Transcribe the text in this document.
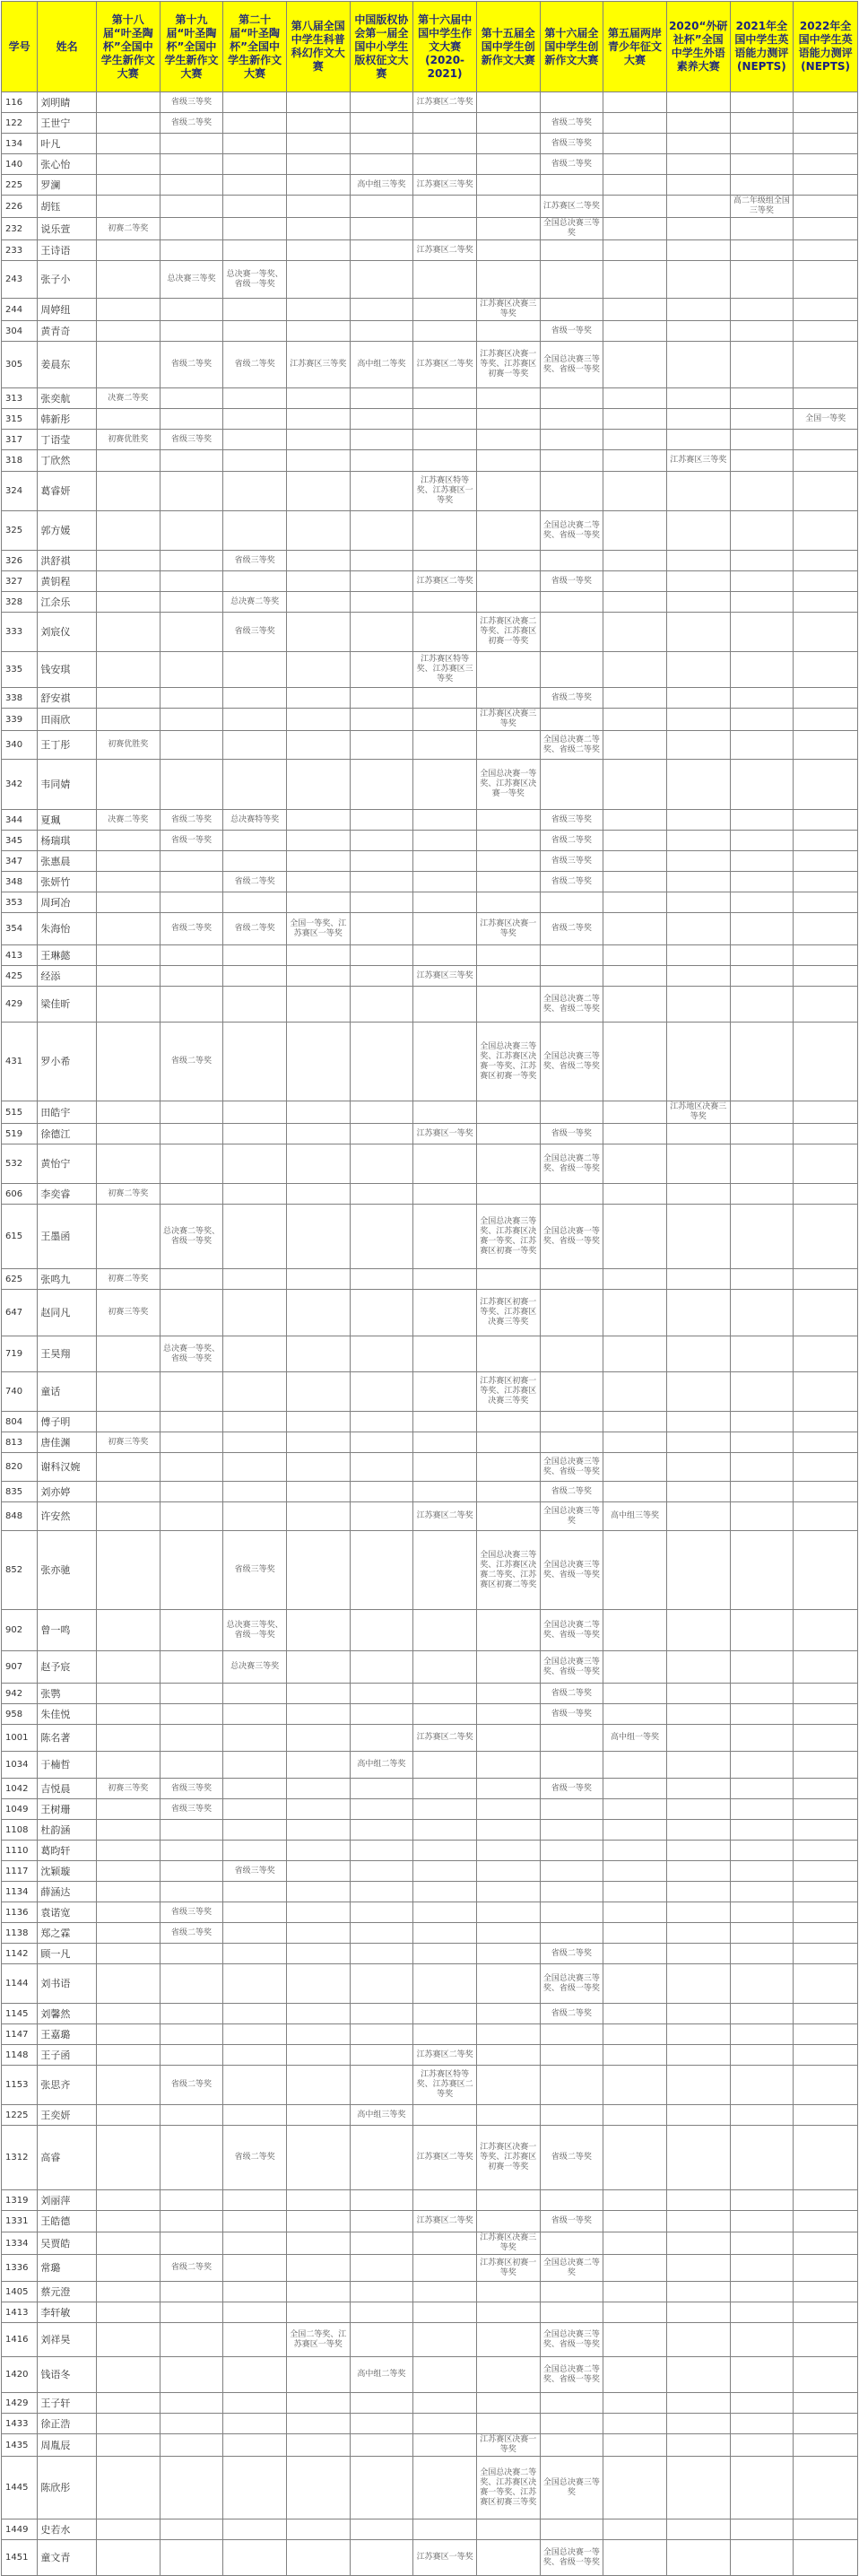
学号	姓名	第十八届“叶圣陶杯”全国中学生新作文大赛	第十九届“叶圣陶杯”全国中学生新作文大赛	第二十届“叶圣陶杯”全国中学生新作文大赛	第八届全国中学生科普科幻作文大赛	中国版权协会第一届全国中小学生版权征文大赛	第十六届中国中学生作文大赛(2020-2021)	第十五届全国中学生创新作文大赛	第十六届全国中学生创新作文大赛	第五届两岸青少年征文大赛	2020“外研社杯”全国中学生外语素养大赛	2021年全国中学生英语能力测评(NEPTS)	2022年全国中学生英语能力测评(NEPTS)
116	刘明睛		省级三等奖				江苏赛区二等奖						
122	王世宁		省级二等奖						省级二等奖				
134	叶凡								省级三等奖				
140	张心怡								省级二等奖				
225	罗澜					高中组三等奖	江苏赛区三等奖						
226	胡钰								江苏赛区二等奖			高二年级组全国三等奖	
232	说乐萱	初赛二等奖							全国总决赛三等奖				
233	王诗语						江苏赛区二等奖						
243	张子小		总决赛三等奖	总决赛一等奖、省级一等奖									
244	周婷纽							江苏赛区决赛三等奖					
304	黄青奇								省级一等奖				
305	姜晨东		省级二等奖	省级二等奖	江苏赛区三等奖	高中组二等奖	江苏赛区二等奖	江苏赛区决赛一等奖、江苏赛区初赛一等奖	全国总决赛三等奖、省级一等奖				
313	张奕航	决赛二等奖											
315	韩新彤												全国一等奖
317	丁语莹	初赛优胜奖	省级三等奖										
318	丁欣然										江苏赛区三等奖		
324	葛睿妍						江苏赛区特等奖、江苏赛区一等奖						
325	郭方媛								全国总决赛二等奖、省级一等奖				
326	洪舒祺			省级三等奖									
327	黄钥程						江苏赛区二等奖		省级一等奖				
328	江余乐			总决赛二等奖									
333	刘宸仪			省级三等奖				江苏赛区决赛二等奖、江苏赛区初赛一等奖					
335	钱安琪						江苏赛区特等奖、江苏赛区三等奖						
338	舒安祺								省级二等奖				
339	田雨欣							江苏赛区决赛三等奖					
340	王丁彤	初赛优胜奖							全国总决赛二等奖、省级二等奖				
342	韦同婧							全国总决赛一等奖、江苏赛区决赛一等奖					
344	夏珮	决赛二等奖	省级二等奖	总决赛特等奖					省级三等奖				
345	杨瑞琪		省级一等奖						省级二等奖				
347	张惠晨								省级三等奖				
348	张妍竹			省级二等奖					省级二等奖				
353	周珂冶												
354	朱海怡		省级二等奖	省级二等奖	全国一等奖、江苏赛区一等奖			江苏赛区决赛一等奖	省级二等奖				
413	王琳懿												
425	经添						江苏赛区三等奖						
429	梁佳昕								全国总决赛二等奖、省级二等奖				
431	罗小希		省级二等奖					全国总决赛三等奖、江苏赛区决赛一等奖、江苏赛区初赛一等奖	全国总决赛三等奖、省级二等奖				
515	田皓宇										江苏地区决赛三等奖		
519	徐德江						江苏赛区一等奖		省级一等奖				
532	黄怡宁								全国总决赛二等奖、省级一等奖				
606	李奕睿	初赛二等奖											
615	王墨函		总决赛二等奖、省级一等奖					全国总决赛三等奖、江苏赛区决赛一等奖、江苏赛区初赛一等奖	全国总决赛一等奖、省级一等奖				
625	张鸣九	初赛二等奖											
647	赵同凡	初赛三等奖						江苏赛区初赛一等奖、江苏赛区决赛三等奖					
719	王昊翔		总决赛一等奖、省级一等奖										
740	童话							江苏赛区初赛一等奖、江苏赛区决赛三等奖					
804	傅子明												
813	唐佳渊	初赛三等奖											
820	谢科汉婉								全国总决赛三等奖、省级一等奖				
835	刘亦婷								省级二等奖				
848	许安然						江苏赛区二等奖		全国总决赛三等奖	高中组三等奖			
852	张亦驰			省级三等奖				全国总决赛三等奖、江苏赛区决赛二等奖、江苏赛区初赛二等奖	全国总决赛三等奖、省级一等奖				
902	曾一鸣			总决赛三等奖、省级一等奖					全国总决赛二等奖、省级一等奖				
907	赵予宸			总决赛三等奖					全国总决赛三等奖、省级一等奖				
942	张鹗								省级二等奖				
958	朱佳悦								省级一等奖				
1001	陈名著						江苏赛区二等奖			高中组一等奖			
1034	于楠哲					高中组二等奖							
1042	吉悦晨	初赛三等奖	省级三等奖						省级一等奖				
1049	王树珊		省级三等奖										
1108	杜韵涵												
1110	葛昀轩												
1117	沈颖璇			省级三等奖									
1134	薛涵达												
1136	袁诺宽		省级三等奖										
1138	郑之霖		省级二等奖										
1142	顾一凡								省级二等奖				
1144	刘书语								全国总决赛三等奖、省级一等奖				
1145	刘馨然								省级二等奖				
1147	王嘉璐												
1148	王子函						江苏赛区二等奖						
1153	张思齐		省级二等奖				江苏赛区特等奖、江苏赛区二等奖						
1225	王奕妍					高中组三等奖							
1312	高睿			省级二等奖			江苏赛区二等奖	江苏赛区决赛一等奖、江苏赛区初赛一等奖	省级二等奖				
1319	刘丽萍												
1331	王皓德						江苏赛区二等奖		省级一等奖				
1334	吴贾皓							江苏赛区决赛三等奖					
1336	常璐		省级二等奖					江苏赛区初赛一等奖	全国总决赛二等奖				
1405	蔡元澄												
1413	李轩敏												
1416	刘祥昊				全国二等奖、江苏赛区一等奖				全国总决赛三等奖、省级一等奖				
1420	钱语冬					高中组二等奖			全国总决赛二等奖、省级一等奖				
1429	王子轩												
1433	徐正浩												
1435	周胤辰							江苏赛区决赛一等奖					
1445	陈欣彤							全国总决赛二等奖、江苏赛区决赛一等奖、江苏赛区初赛三等奖	全国总决赛三等奖				
1449	史若水												
1451	童文青						江苏赛区一等奖		全国总决赛一等奖、省级一等奖				
